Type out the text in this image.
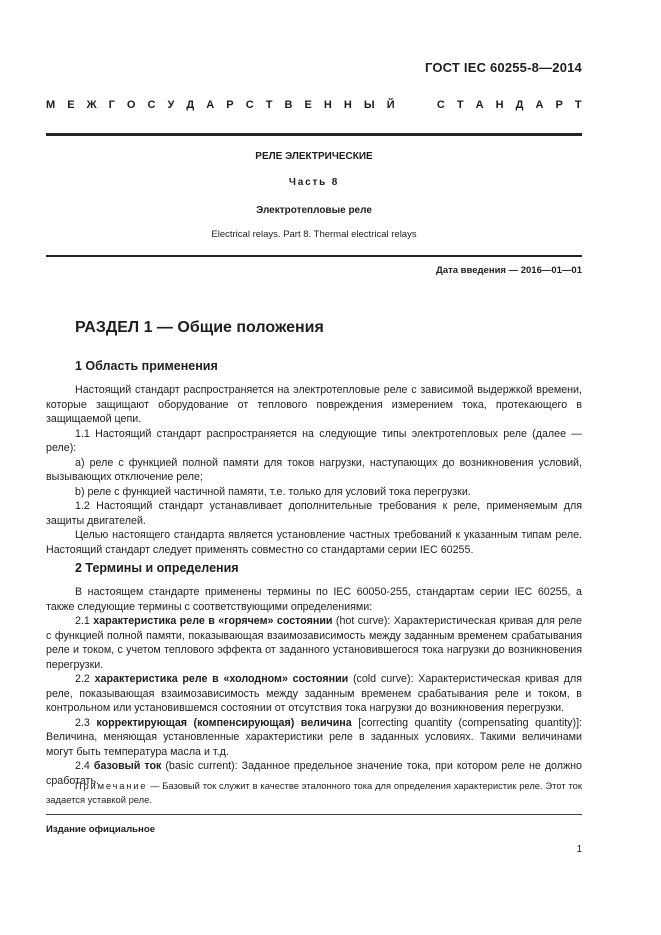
ГОСТ IEC 60255-8—2014
М Е Ж Г О С У Д А Р С Т В Е Н Н Ы Й

	С Т А Н Д А Р Т
РЕЛЕ ЭЛЕКТРИЧЕСКИЕ
Часть 8
Электротепловые реле
Electrical relays. Part 8. Thermal electrical relays
Дата введения — 2016—01—01
РАЗДЕЛ 1 — Общие положения
1 Область применения

Настоящий стандарт распространяется на электротепловые реле с зависимой выдержкой времени, которые защищают оборудование от теплового повреждения измерением тока, протекающего в защищаемой цепи.

1.1 Настоящий стандарт распространяется на следующие типы электротепловых реле (далее — реле):

а) реле с функцией полной памяти для токов нагрузки, наступающих до возникновения условий, вызывающих отключение реле;

b) реле с функцией частичной памяти, т.е. только для условий тока перегрузки.

1.2 Настоящий стандарт устанавливает дополнительные требования к реле, применяемым для защиты двигателей.

Целью настоящего стандарта является установление частных требований к указанным типам реле. Настоящий стандарт следует применять совместно со стандартами серии IEC 60255.

2 Термины и определения

В настоящем стандарте применены термины по IEC 60050-255, стандартам серии IEC 60255, а также следующие термины с соответствующими определениями:

2.1 характеристика реле в «горячем» состоянии (hot curve): Характеристическая кривая для реле с функцией полной памяти, показывающая взаимозависимость между заданным временем срабатывания реле и током, с учетом теплового эффекта от заданного установившегося тока нагрузки до возникновения перегрузки.

2.2 характеристика реле в «холодном» состоянии (cold curve): Характеристическая кривая для реле, показывающая взаимозависимость между заданным временем срабатывания реле и током, в контрольном или установившемся состоянии от отсутствия тока нагрузки до возникновения перегрузки.

2.3 корректирующая (компенсирующая) величина [correcting quantity (compensating quantity)]: Величина, меняющая установленные характеристики реле в заданных условиях. Такими величинами могут быть температура масла и т.д.

2.4 базовый ток (basic current): Заданное предельное значение тока, при котором реле не должно сработать.

Примечание — Базовый ток служит в качестве эталонного тока для определения характеристик реле. Этот ток задается уставкой реле.

Издание официальное
1
